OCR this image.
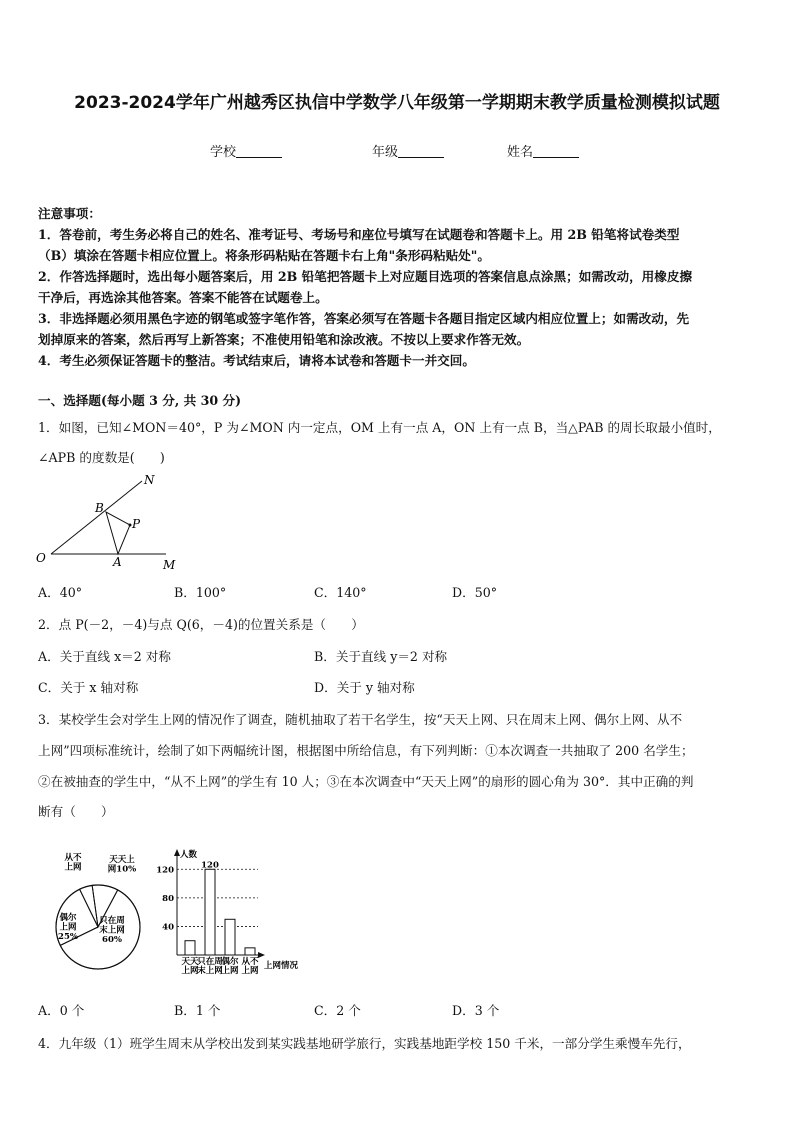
2023-2024学年广州越秀区执信中学数学八年级第一学期期末教学质量检测模拟试题
学校	年级	姓名
注意事项：
1．答卷前，考生务必将自己的姓名、准考证号、考场号和座位号填写在试题卷和答题卡上。用 2B 铅笔将试卷类型
（B）填涂在答题卡相应位置上。将条形码粘贴在答题卡右上角"条形码粘贴处"。
2．作答选择题时，选出每小题答案后，用 2B 铅笔把答题卡上对应题目选项的答案信息点涂黑；如需改动，用橡皮擦
干净后，再选涂其他答案。答案不能答在试题卷上。
3．非选择题必须用黑色字迹的钢笔或签字笔作答，答案必须写在答题卡各题目指定区域内相应位置上；如需改动，先
划掉原来的答案，然后再写上新答案；不准使用铅笔和涂改液。不按以上要求作答无效。
4．考生必须保证答题卡的整洁。考试结束后，请将本试卷和答题卡一并交回。
一、选择题(每小题 3 分, 共 30 分)
1．如图，已知∠MON＝40°，P 为∠MON 内一定点，OM 上有一点 A，ON 上有一点 B，当△PAB 的周长取最小值时，
∠APB 的度数是(　　)
O	M
N
A
B
P
A．40°	B．100°	C．140°	D．50°
2．点 P(－2，－4)与点 Q(6，－4)的位置关系是（　　）
A．关于直线 x＝2 对称	B．关于直线 y＝2 对称
C．关于 x 轴对称	D．关于 y 轴对称
3．某校学生会对学生上网的情况作了调查，随机抽取了若干名学生，按“天天上网、只在周末上网、偶尔上网、从不
上网”四项标准统计，绘制了如下两幅统计图，根据图中所给信息，有下列判断：①本次调查一共抽取了 200 名学生；
②在被抽查的学生中，“从不上网”的学生有 10 人；③在本次调查中“天天上网”的扇形的圆心角为 30°．其中正确的判
断有（　　）
天天上
网10%
只在周
末上网
60%
偶尔
上网
25%
从不
上网
人数
上网情况
40
80
120
天天
上网
只在周
末上网
偶尔
上网
从不
上网
120
A．0 个	B．1 个	C．2 个	D．3 个
4．九年级（1）班学生周末从学校出发到某实践基地研学旅行，实践基地距学校 150 千米，一部分学生乘慢车先行，
